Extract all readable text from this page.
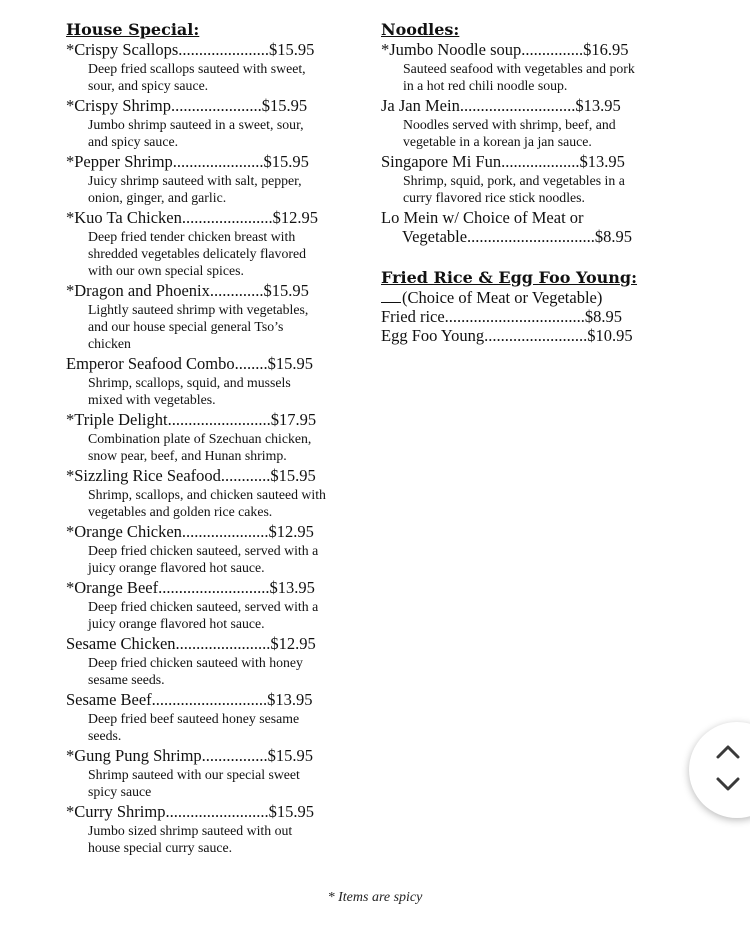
House Special:
*Crispy Scallops......................$15.95
Deep fried scallops sauteed with sweet,
sour, and spicy sauce.
*Crispy Shrimp......................$15.95
Jumbo shrimp sauteed in a sweet, sour,
and spicy sauce.
*Pepper Shrimp......................$15.95
Juicy shrimp sauteed with salt, pepper,
onion, ginger, and garlic.
*Kuo Ta Chicken......................$12.95
Deep fried tender chicken breast with
shredded vegetables delicately flavored
with our own special spices.
*Dragon and Phoenix.............$15.95
Lightly sauteed shrimp with vegetables,
and our house special general Tso’s
chicken
Emperor Seafood Combo........$15.95
Shrimp, scallops, squid, and mussels
mixed with vegetables.
*Triple Delight.........................$17.95
Combination plate of Szechuan chicken,
snow pear, beef, and Hunan shrimp.
*Sizzling Rice Seafood............$15.95
Shrimp, scallops, and chicken sauteed with
vegetables and golden rice cakes.
*Orange Chicken.....................$12.95
Deep fried chicken sauteed, served with a
juicy orange flavored hot sauce.
*Orange Beef...........................$13.95
Deep fried chicken sauteed, served with a
juicy orange flavored hot sauce.
Sesame Chicken.......................$12.95
Deep fried chicken sauteed with honey
sesame seeds.
Sesame Beef............................$13.95
Deep fried beef sauteed honey sesame
seeds.
*Gung Pung Shrimp................$15.95
Shrimp sauteed with our special sweet
spicy sauce
*Curry Shrimp.........................$15.95
Jumbo sized shrimp sauteed with out
house special curry sauce.
Noodles:
*Jumbo Noodle soup...............$16.95
Sauteed seafood with vegetables and pork
in a hot red chili noodle soup.
Ja Jan Mein............................$13.95
Noodles served with shrimp, beef, and
vegetable in a korean ja jan sauce.
Singapore Mi Fun...................$13.95
Shrimp, squid, pork, and vegetables in a
curry flavored rice stick noodles.
Lo Mein w/ Choice of Meat or
Vegetable...............................$8.95
Fried Rice & Egg Foo Young:
(Choice of Meat or Vegetable)
Fried rice..................................$8.95
Egg Foo Young.........................$10.95
* Items are spicy
